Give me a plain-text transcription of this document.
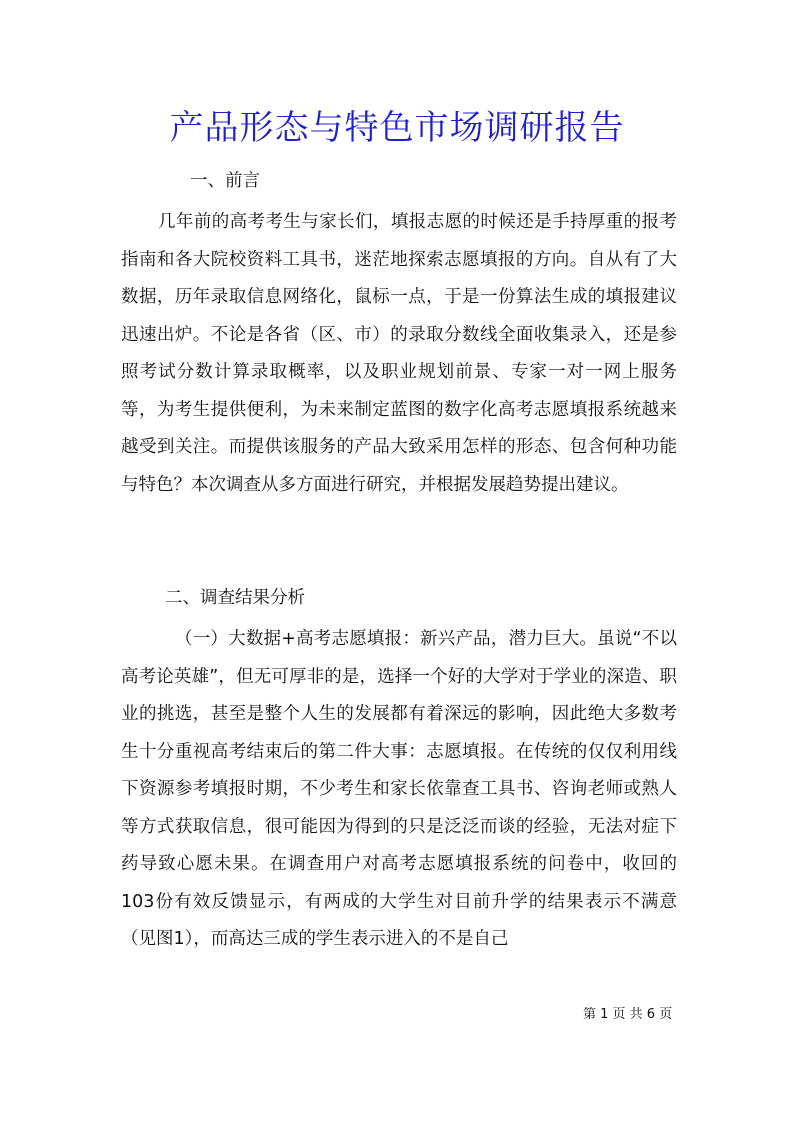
产品形态与特色市场调研报告
一、前言

几年前的高考考生与家长们，填报志愿的时候还是手持厚重的报考指南和各大院校资料工具书，迷茫地探索志愿填报的方向。自从有了大数据，历年录取信息网络化，鼠标一点，于是一份算法生成的填报建议迅速出炉。不论是各省（区、市）的录取分数线全面收集录入，还是参照考试分数计算录取概率，以及职业规划前景、专家一对一网上服务等，为考生提供便利，为未来制定蓝图的数字化高考志愿填报系统越来越受到关注。而提供该服务的产品大致采用怎样的形态、包含何种功能与特色？本次调查从多方面进行研究，并根据发展趋势提出建议。

二、调查结果分析

（一）大数据+高考志愿填报：新兴产品，潜力巨大。虽说“不以高考论英雄”，但无可厚非的是，选择一个好的大学对于学业的深造、职业的挑选，甚至是整个人生的发展都有着深远的影响，因此绝大多数考生十分重视高考结束后的第二件大事：志愿填报。在传统的仅仅利用线下资源参考填报时期，不少考生和家长依靠查工具书、咨询老师或熟人等方式获取信息，很可能因为得到的只是泛泛而谈的经验，无法对症下药导致心愿未果。在调查用户对高考志愿填报系统的问卷中，收回的103份有效反馈显示，有两成的大学生对目前升学的结果表示不满意（见图1），而高达三成的学生表示进入的不是自己

第 1 页 共 6 页
